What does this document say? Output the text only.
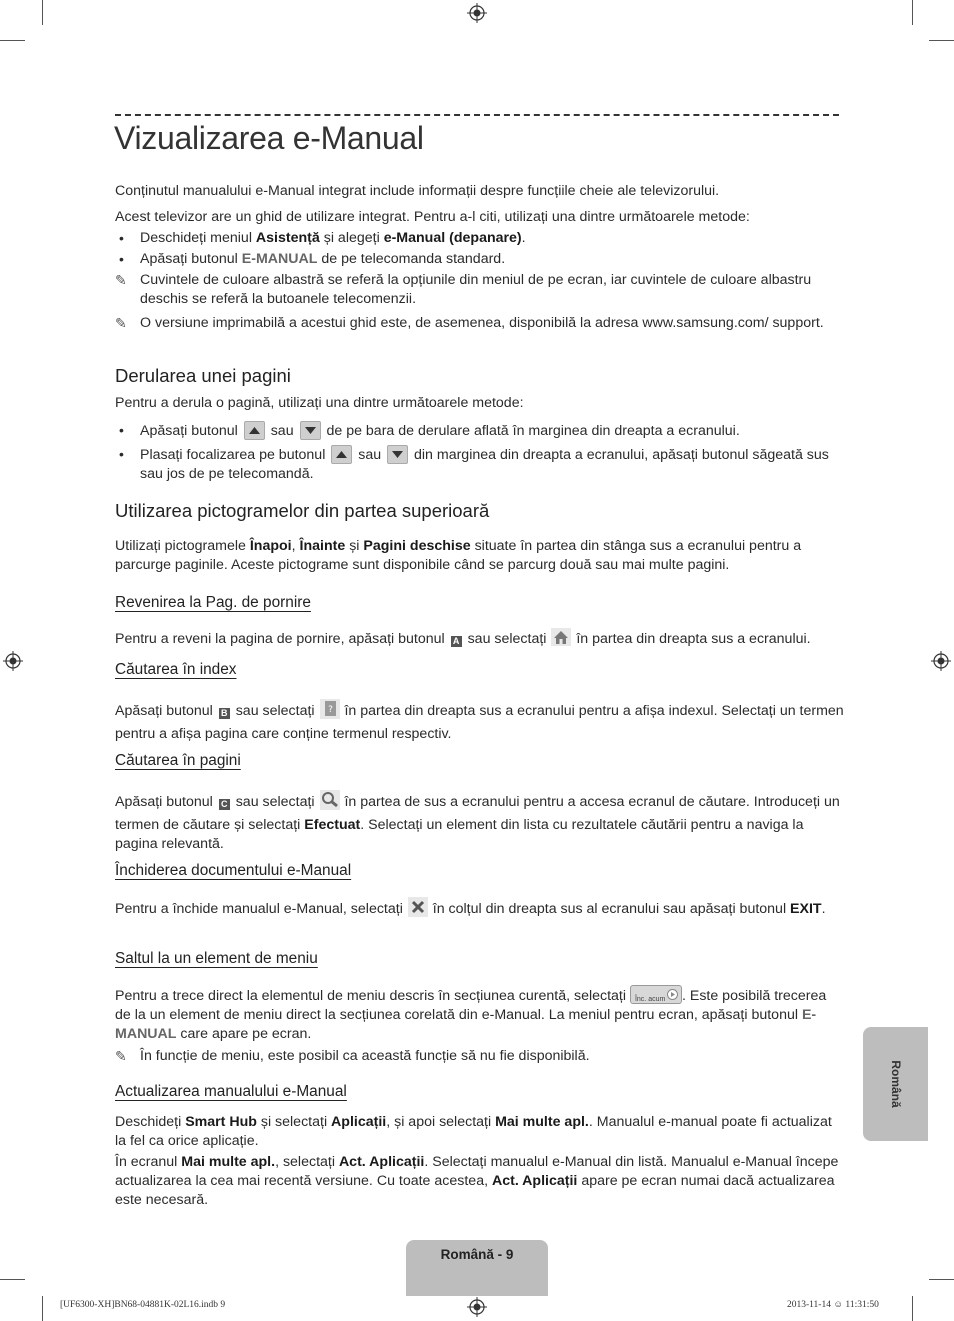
Vizualizarea e-Manual

Conținutul manualului e-Manual integrat include informații despre funcțiile cheie ale televizorului.

Acest televizor are un ghid de utilizare integrat. Pentru a-l citi, utilizați una dintre următoarele metode:

• Deschideți meniul Asistență și alegeți e-Manual (depanare).

• Apăsați butonul E-MANUAL de pe telecomanda standard.

✎ Cuvintele de culoare albastră se referă la opțiunile din meniul de pe ecran, iar cuvintele de culoare albastru deschis se referă la butoanele telecomenzii.

✎ O versiune imprimabilă a acestui ghid este, de asemenea, disponibilă la adresa www.samsung.com/ support.

Derularea unei pagini

Pentru a derula o pagină, utilizați una dintre următoarele metode:

• Apăsați butonul  sau  de pe bara de derulare aflată în marginea din dreapta a ecranului.

• Plasați focalizarea pe butonul  sau  din marginea din dreapta a ecranului, apăsați butonul săgeată sus sau jos de pe telecomandă.

Utilizarea pictogramelor din partea superioară

Utilizați pictogramele Înapoi, Înainte și Pagini deschise situate în partea din stânga sus a ecranului pentru a parcurge paginile. Aceste pictograme sunt disponibile când se parcurg două sau mai multe pagini.

Revenirea la Pag. de pornire

Pentru a reveni la pagina de pornire, apăsați butonul A sau selectați  în partea din dreapta sus a ecranului.

Căutarea în index

Apăsați butonul B sau selectați ? în partea din dreapta sus a ecranului pentru a afișa indexul. Selectați un termen pentru a afișa pagina care conține termenul respectiv.

Căutarea în pagini

Apăsați butonul C sau selectați  în partea de sus a ecranului pentru a accesa ecranul de căutare. Introduceți un termen de căutare și selectați Efectuat. Selectați un element din lista cu rezultatele căutării pentru a naviga la pagina relevantă.

Închiderea documentului e-Manual

Pentru a închide manualul e-Manual, selectați  în colțul din dreapta sus al ecranului sau apăsați butonul EXIT.

Saltul la un element de meniu

Pentru a trece direct la elementul de meniu descris în secțiunea curentă, selectați Înc. acum . Este posibilă trecerea de la un element de meniu direct la secțiunea corelată din e-Manual. La meniul pentru ecran, apăsați butonul E-MANUAL care apare pe ecran.

✎ În funcție de meniu, este posibil ca această funcție să nu fie disponibilă.

Actualizarea manualului e-Manual

Deschideți Smart Hub și selectați Aplicații, și apoi selectați Mai multe apl.. Manualul e-manual poate fi actualizat la fel ca orice aplicație.

În ecranul Mai multe apl., selectați Act. Aplicații. Selectați manualul e-Manual din listă. Manualul e-Manual începe actualizarea la cea mai recentă versiune. Cu toate acestea, Act. Aplicații apare pe ecran numai dacă actualizarea este necesară.

Română
Română - 9
[UF6300-XH]BN68-04881K-02L16.indb 9	2013-11-14 ☺ 11:31:50
